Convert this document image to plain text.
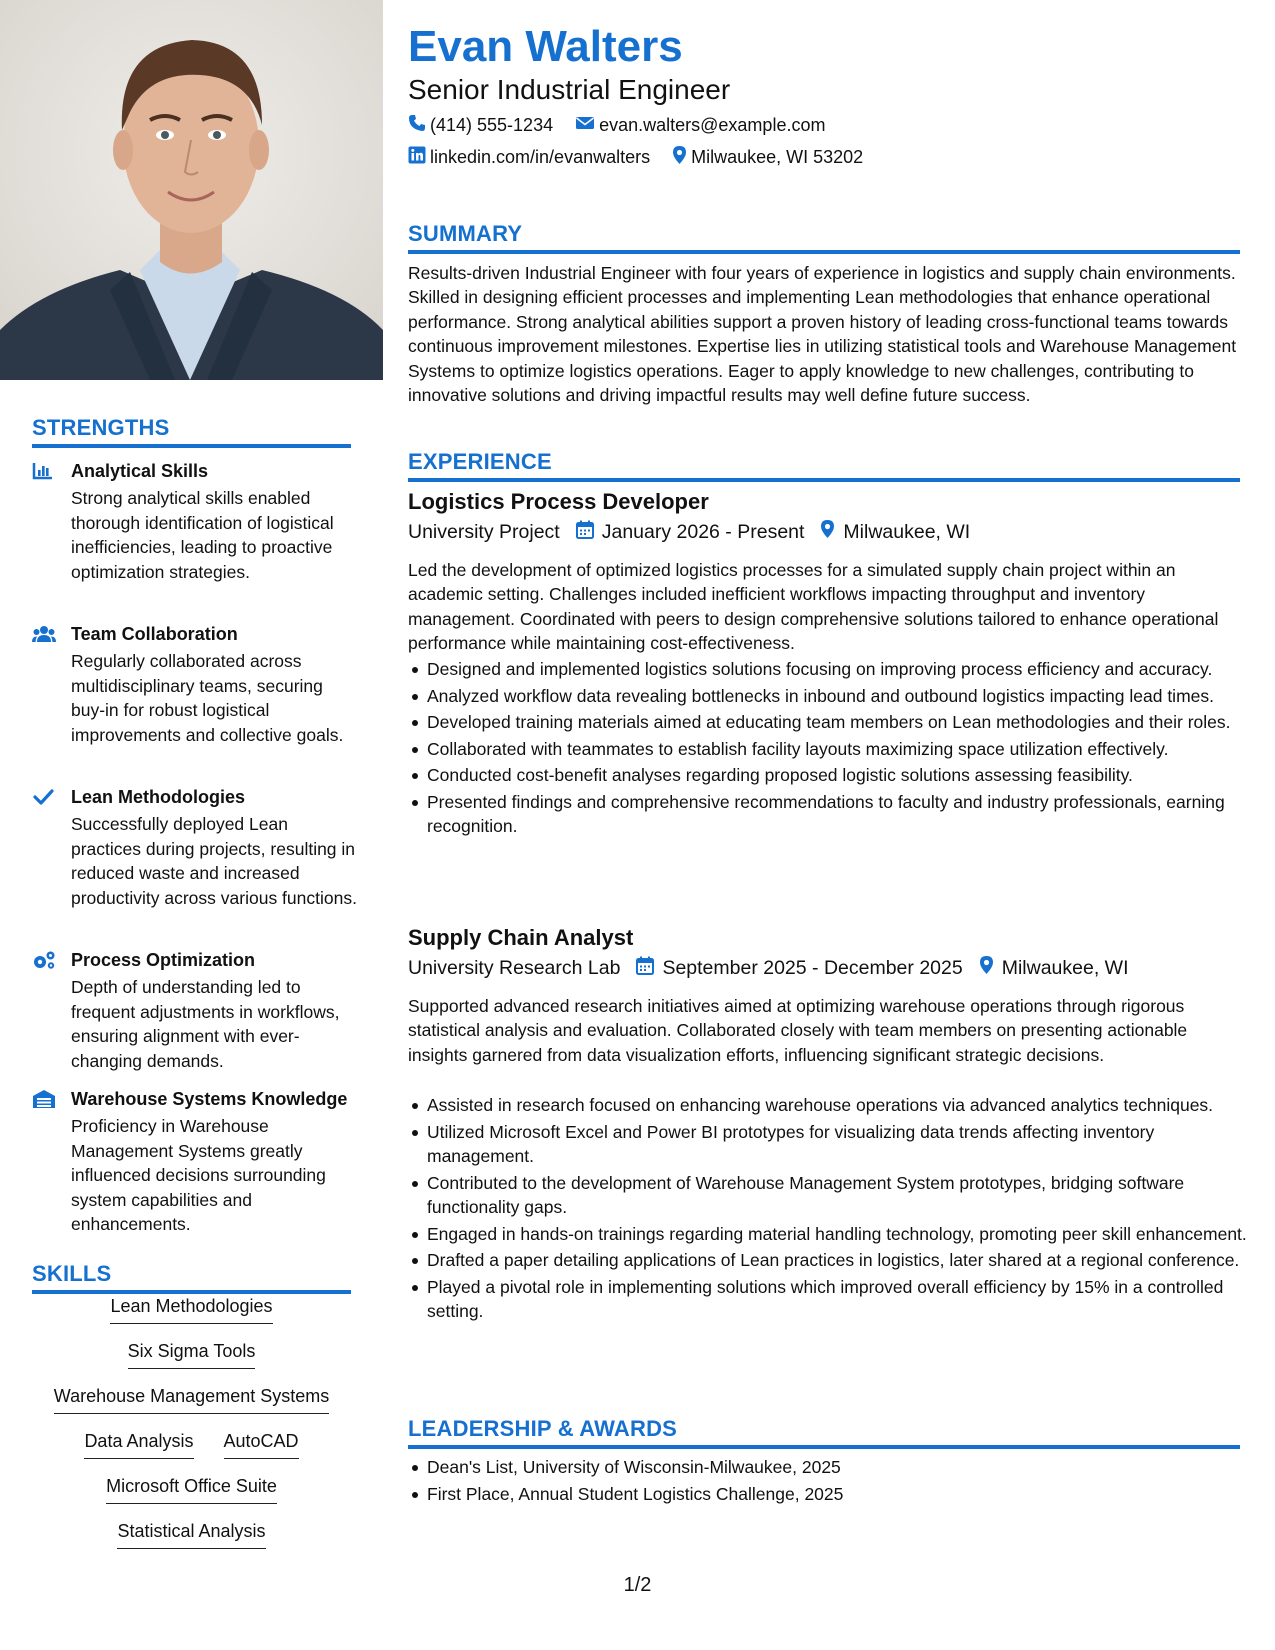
STRENGTHS
Analytical Skills
Strong analytical skills enabled thorough identification of logistical inefficiencies, leading to proactive optimization strategies.
Team Collaboration
Regularly collaborated across multidisciplinary teams, securing buy-in for robust logistical improvements and collective goals.
Lean Methodologies
Successfully deployed Lean practices during projects, resulting in reduced waste and increased productivity across various functions.
Process Optimization
Depth of understanding led to frequent adjustments in workflows, ensuring alignment with ever-changing demands.
Warehouse Systems Knowledge
Proficiency in Warehouse Management Systems greatly influenced decisions surrounding system capabilities and enhancements.
SKILLS
Lean Methodologies
Six Sigma Tools
Warehouse Management Systems
Data Analysis AutoCAD
Microsoft Office Suite
Statistical Analysis
Evan Walters
Senior Industrial Engineer
(414) 555-1234	evan.walters@example.com
linkedin.com/in/evanwalters Milwaukee, WI 53202
SUMMARY
Results-driven Industrial Engineer with four years of experience in logistics and supply chain environments. Skilled in designing efficient processes and implementing Lean methodologies that enhance operational performance. Strong analytical abilities support a proven history of leading cross-functional teams towards continuous improvement milestones. Expertise lies in utilizing statistical tools and Warehouse Management Systems to optimize logistics operations. Eager to apply knowledge to new challenges, contributing to innovative solutions and driving impactful results may well define future success.
EXPERIENCE
Logistics Process Developer
University Project January 2026 - Present Milwaukee, WI
Led the development of optimized logistics processes for a simulated supply chain project within an academic setting. Challenges included inefficient workflows impacting throughput and inventory management. Coordinated with peers to design comprehensive solutions tailored to enhance operational performance while maintaining cost-effectiveness.
Designed and implemented logistics solutions focusing on improving process efficiency and accuracy.
Analyzed workflow data revealing bottlenecks in inbound and outbound logistics impacting lead times.
Developed training materials aimed at educating team members on Lean methodologies and their roles.
Collaborated with teammates to establish facility layouts maximizing space utilization effectively.
Conducted cost-benefit analyses regarding proposed logistic solutions assessing feasibility.
Presented findings and comprehensive recommendations to faculty and industry professionals, earning recognition.
Supply Chain Analyst
University Research Lab September 2025 - December 2025 Milwaukee, WI
Supported advanced research initiatives aimed at optimizing warehouse operations through rigorous statistical analysis and evaluation. Collaborated closely with team members on presenting actionable insights garnered from data visualization efforts, influencing significant strategic decisions.
Assisted in research focused on enhancing warehouse operations via advanced analytics techniques.
Utilized Microsoft Excel and Power BI prototypes for visualizing data trends affecting inventory management.
Contributed to the development of Warehouse Management System prototypes, bridging software functionality gaps.
Engaged in hands-on trainings regarding material handling technology, promoting peer skill enhancement.
Drafted a paper detailing applications of Lean practices in logistics, later shared at a regional conference.
Played a pivotal role in implementing solutions which improved overall efficiency by 15% in a controlled setting.
LEADERSHIP & AWARDS
Dean's List, University of Wisconsin-Milwaukee, 2025
First Place, Annual Student Logistics Challenge, 2025
1/2
